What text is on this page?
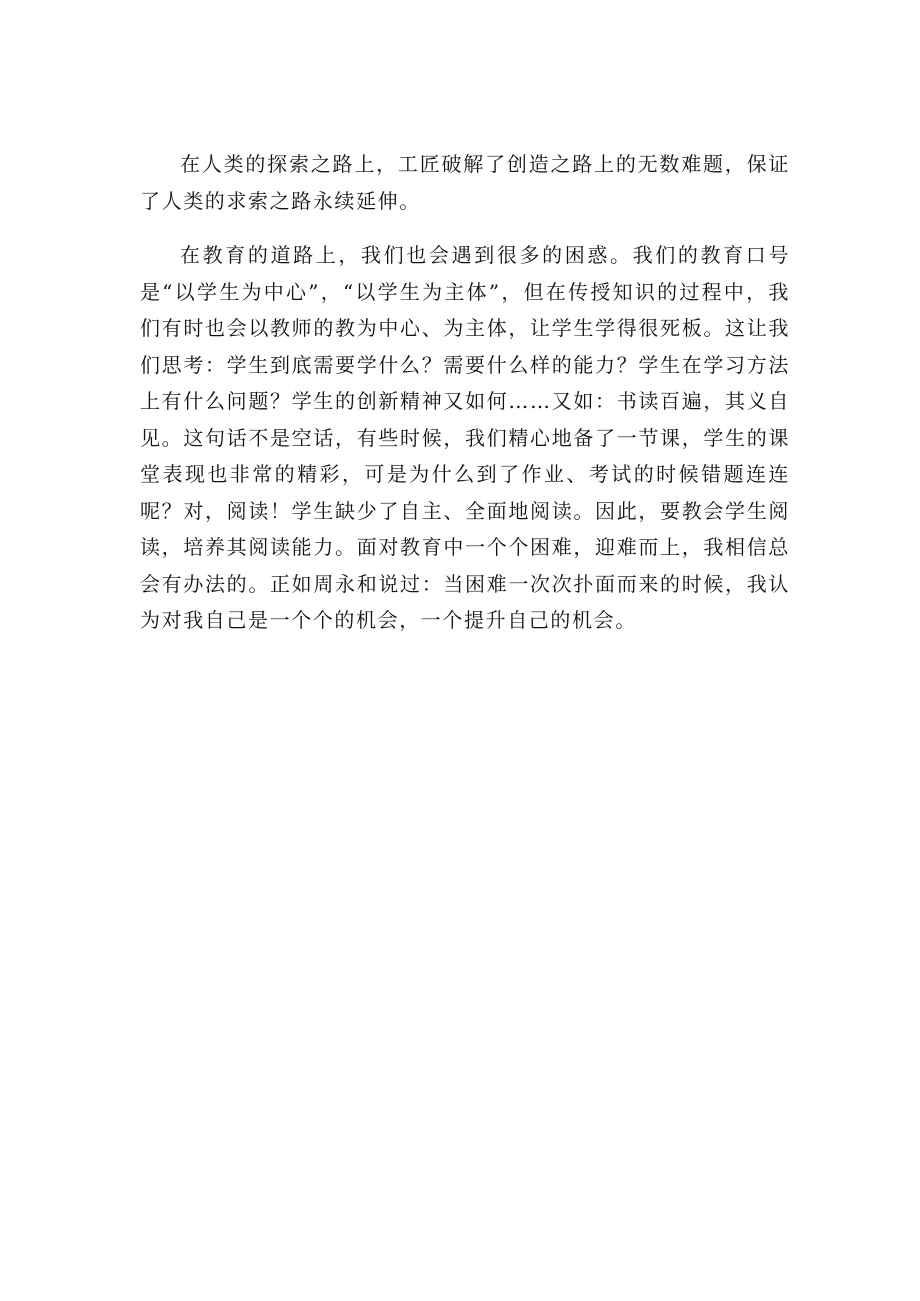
在人类的探索之路上，工匠破解了创造之路上的无数难题，保证了人类的求索之路永续延伸。

在教育的道路上，我们也会遇到很多的困惑。我们的教育口号是“以学生为中心”，“以学生为主体”，但在传授知识的过程中，我们有时也会以教师的教为中心、为主体，让学生学得很死板。这让我们思考：学生到底需要学什么？需要什么样的能力？学生在学习方法上有什么问题？学生的创新精神又如何……又如：书读百遍，其义自见。这句话不是空话，有些时候，我们精心地备了一节课，学生的课堂表现也非常的精彩，可是为什么到了作业、考试的时候错题连连呢？对，阅读！学生缺少了自主、全面地阅读。因此，要教会学生阅读，培养其阅读能力。面对教育中一个个困难，迎难而上，我相信总会有办法的。正如周永和说过：当困难一次次扑面而来的时候，我认为对我自己是一个个的机会，一个提升自己的机会。
